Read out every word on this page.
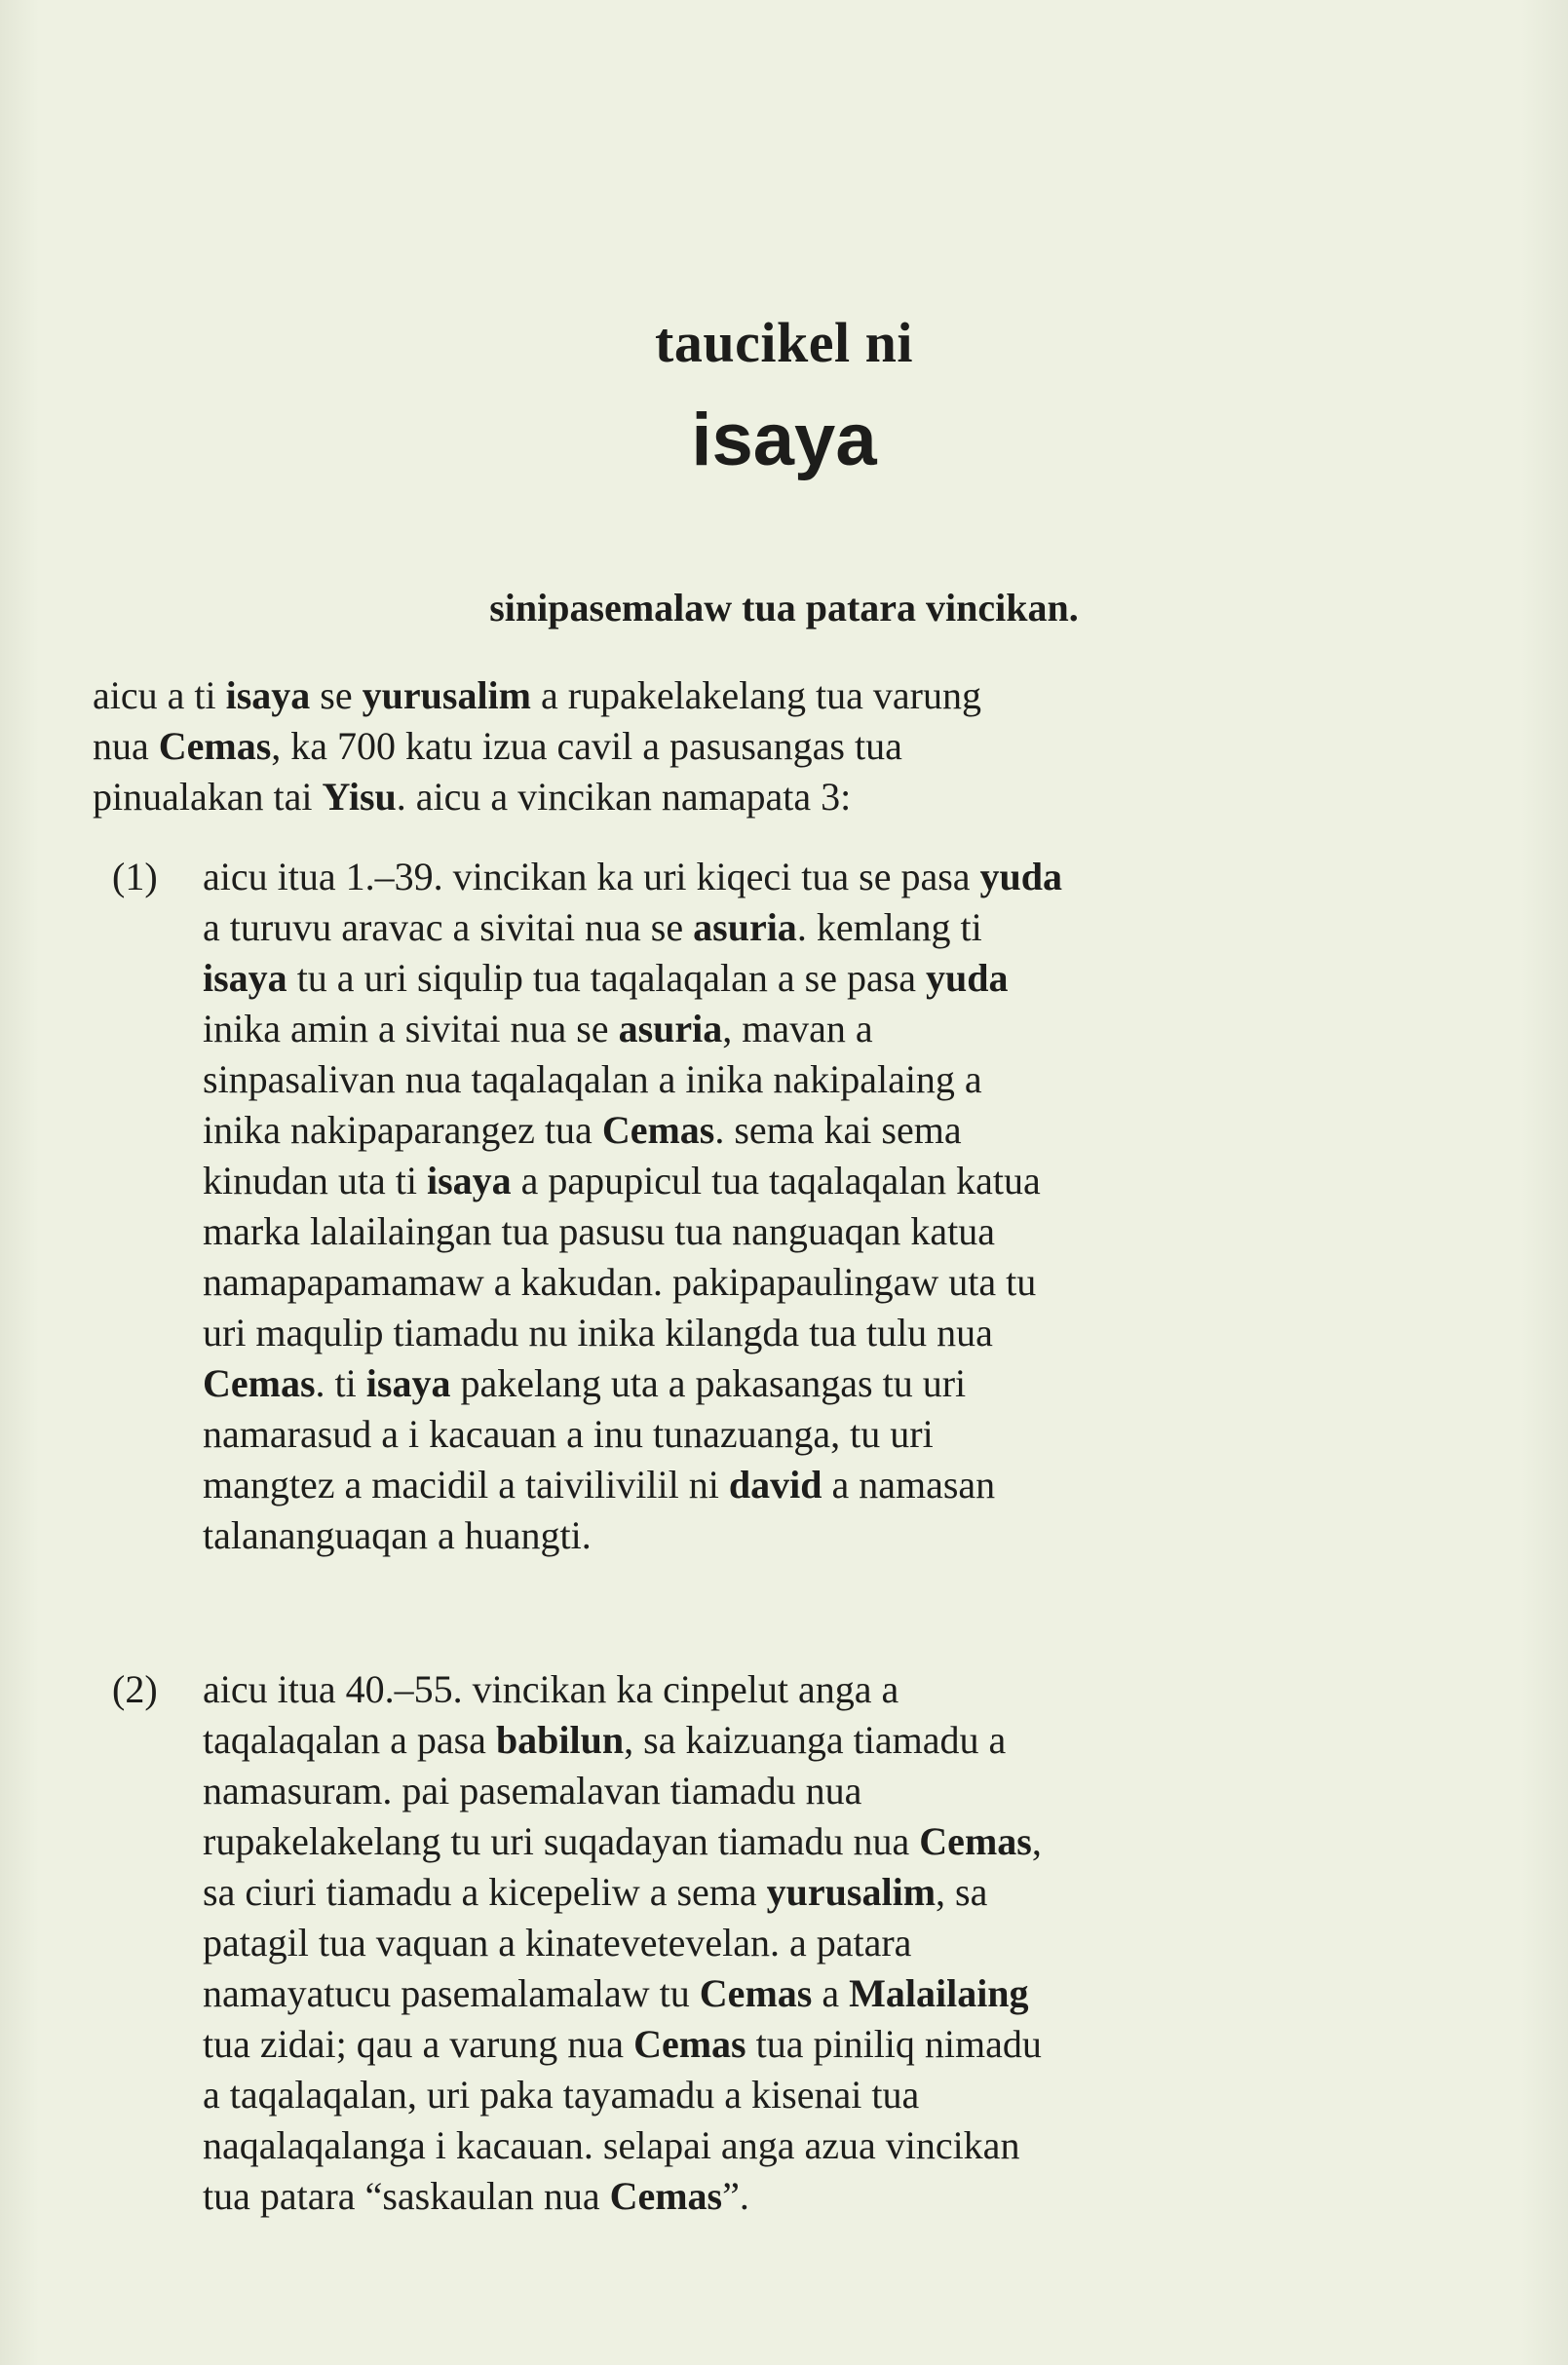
taucikel ni
isaya
sinipasemalaw tua patara vincikan.
aicu a ti isaya se yurusalim a rupakelakelang tua varung
nua Cemas, ka 700 katu izua cavil a pasusangas tua
pinualakan tai Yisu. aicu a vincikan namapata 3:
(1) aicu itua 1.–39. vincikan ka uri kiqeci tua se pasa yuda
a turuvu aravac a sivitai nua se asuria. kemlang ti
isaya tu a uri siqulip tua taqalaqalan a se pasa yuda
inika amin a sivitai nua se asuria, mavan a
sinpasalivan nua taqalaqalan a inika nakipalaing a
inika nakipaparangez tua Cemas. sema kai sema
kinudan uta ti isaya a papupicul tua taqalaqalan katua
marka lalailaingan tua pasusu tua nanguaqan katua
namapapamamaw a kakudan. pakipapaulingaw uta tu
uri maqulip tiamadu nu inika kilangda tua tulu nua
Cemas. ti isaya pakelang uta a pakasangas tu uri
namarasud a i kacauan a inu tunazuanga, tu uri
mangtez a macidil a taivilivilil ni david a namasan
talananguaqan a huangti.
(2) aicu itua 40.–55. vincikan ka cinpelut anga a
taqalaqalan a pasa babilun, sa kaizuanga tiamadu a
namasuram. pai pasemalavan tiamadu nua
rupakelakelang tu uri suqadayan tiamadu nua Cemas,
sa ciuri tiamadu a kicepeliw a sema yurusalim, sa
patagil tua vaquan a kinatevetevelan. a patara
namayatucu pasemalamalaw tu Cemas a Malailaing
tua zidai; qau a varung nua Cemas tua piniliq nimadu
a taqalaqalan, uri paka tayamadu a kisenai tua
naqalaqalanga i kacauan. selapai anga azua vincikan
tua patara “saskaulan nua Cemas”.
